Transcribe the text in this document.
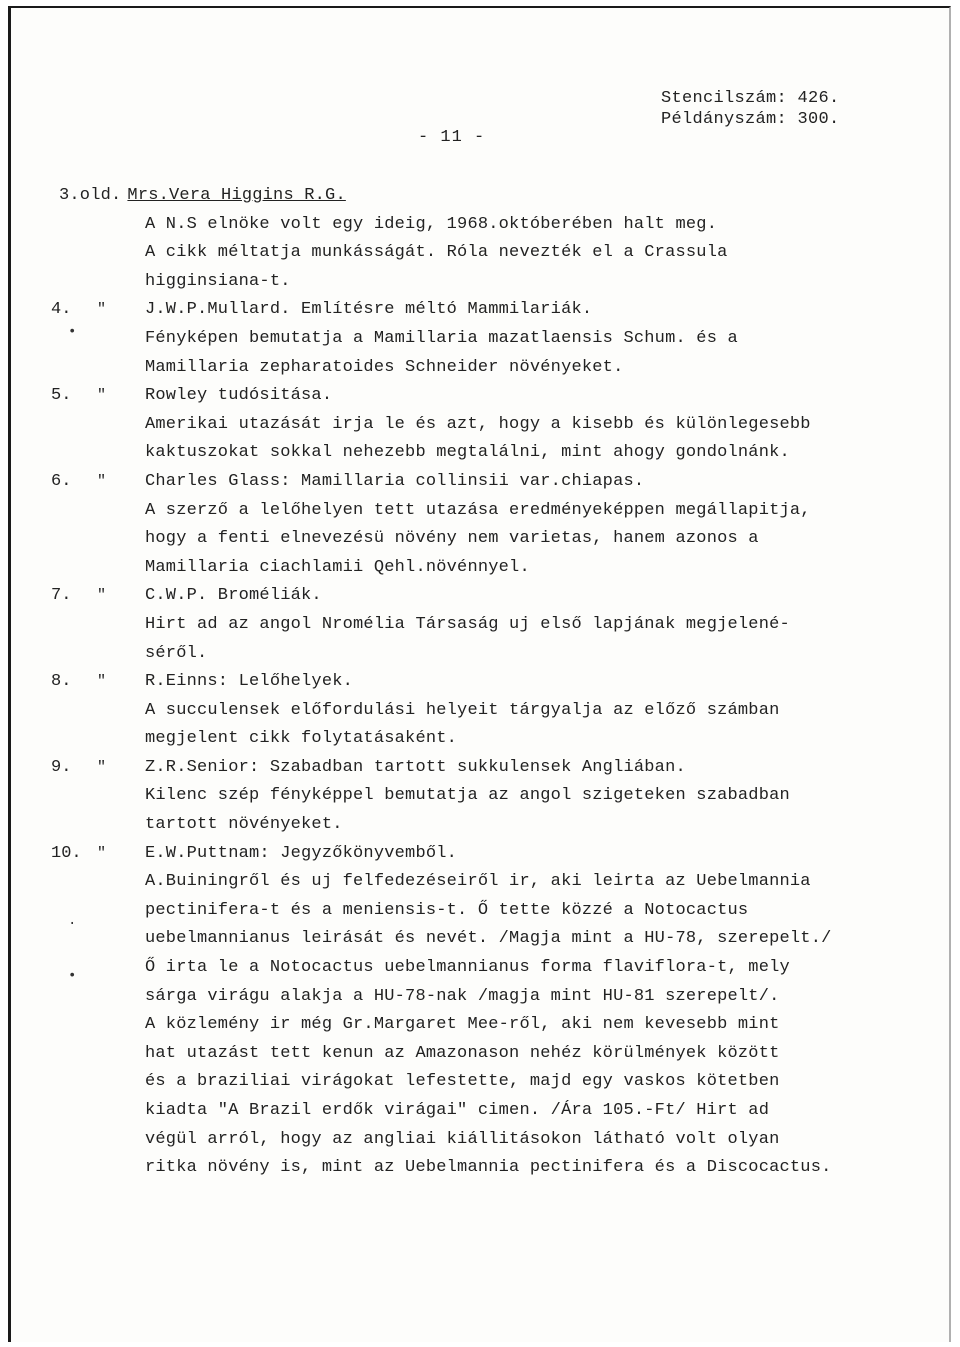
Stencilszám: 426.
Példányszám: 300.
- 11 -
3.old. Mrs.Vera Higgins R.G.
A N.S elnöke volt egy ideig, 1968.októberében halt meg.
A cikk méltatja munkásságát. Róla nevezték el a Crassula
higginsiana-t.
4. " J.W.P.Mullard. Említésre méltó Mammilariák.
Fényképen bemutatja a Mamillaria mazatlaensis Schum. és a
Mamillaria zepharatoides Schneider növényeket.
5. " Rowley tudósitása.
Amerikai utazását irja le és azt, hogy a kisebb és különlegesebb
kaktuszokat sokkal nehezebb megtalálni, mint ahogy gondolnánk.
6. " Charles Glass: Mamillaria collinsii var.chiapas.
A szerző a lelőhelyen tett utazása eredményeképpen megállapitja,
hogy a fenti elnevezésü növény nem varietas, hanem azonos a
Mamillaria ciachlamii Qehl.növénnyel.
7. " C.W.P. Broméliák.
Hirt ad az angol Nromélia Társaság uj első lapjának megjelené-
séről.
8. " R.Einns: Lelőhelyek.
A succulensek előfordulási helyeit tárgyalja az előző számban
megjelent cikk folytatásaként.
9. " Z.R.Senior: Szabadban tartott sukkulensek Angliában.
Kilenc szép fényképpel bemutatja az angol szigeteken szabadban
tartott növényeket.
10. " E.W.Puttnam: Jegyzőkönyvemből.
A.Buiningről és uj felfedezéseiről ir, aki leirta az Uebelmannia
pectinifera-t és a meniensis-t. Ő tette közzé a Notocactus
uebelmannianus leirását és nevét. /Magja mint a HU-78, szerepelt./
Ő irta le a Notocactus uebelmannianus forma flaviflora-t, mely
sárga virágu alakja a HU-78-nak /magja mint HU-81 szerepelt/.
A közlemény ir még Gr.Margaret Mee-ről, aki nem kevesebb mint
hat utazást tett kenun az Amazonason nehéz körülmények között
és a braziliai virágokat lefestette, majd egy vaskos kötetben
kiadta "A Brazil erdők virágai" cimen. /Ára 105.-Ft/ Hirt ad
végül arról, hogy az angliai kiállitásokon látható volt olyan
ritka növény is, mint az Uebelmannia pectinifera és a Discocactus.
•
·
•
